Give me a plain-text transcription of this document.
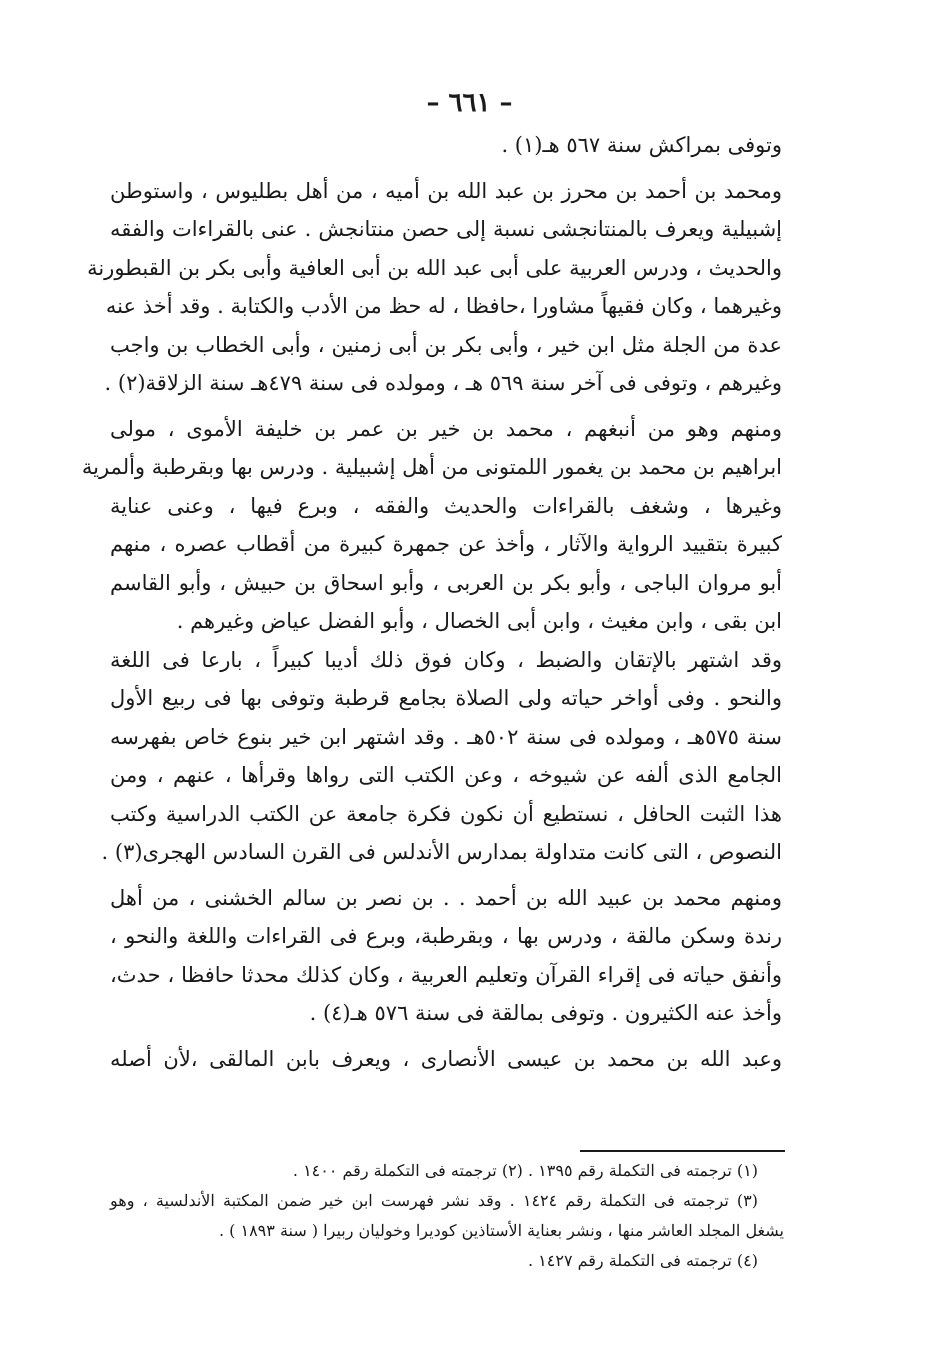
– ٦٦١ –
وتوفى بمراكش سنة ٥٦٧ هـ(١) .
ومحمد بن أحمد بن محرز بن عبد الله بن أميه ، من أهل بطليوس ، واستوطن
إشبيلية ويعرف بالمنتانجشى نسبة إلى حصن منتانجش . عنى بالقراءات والفقه
والحديث ، ودرس العربية على أبى عبد الله بن أبى العافية وأبى بكر بن القبطورنة
وغيرهما ، وكان فقيهاً مشاورا ،حافظا ، له حظ من الأدب والكتابة . وقد أخذ عنه
عدة من الجلة مثل ابن خير ، وأبى بكر بن أبى زمنين ، وأبى الخطاب بن واجب
وغيرهم ، وتوفى فى آخر سنة ٥٦٩ هـ ، ومولده فى سنة ٤٧٩هـ سنة الزلاقة(٢) .
ومنهم وهو من أنبغهم ، محمد بن خير بن عمر بن خليفة الأموى ، مولى
ابراهيم بن محمد بن يغمور اللمتونى من أهل إشبيلية . ودرس بها وبقرطبة وألمرية
وغيرها ، وشغف بالقراءات والحديث والفقه ، وبرع فيها ، وعنى عناية
كبيرة بتقييد الرواية والآثار ، وأخذ عن جمهرة كبيرة من أقطاب عصره ، منهم
أبو مروان الباجى ، وأبو بكر بن العربى ، وأبو اسحاق بن حبيش ، وأبو القاسم
ابن بقى ، وابن مغيث ، وابن أبى الخصال ، وأبو الفضل عياض وغيرهم .
وقد اشتهر بالإتقان والضبط ، وكان فوق ذلك أديبا كبيراً ، بارعا فى اللغة
والنحو . وفى أواخر حياته ولى الصلاة بجامع قرطبة وتوفى بها فى ربيع الأول
سنة ٥٧٥هـ ، ومولده فى سنة ٥٠٢هـ . وقد اشتهر ابن خير بنوع خاص بفهرسه
الجامع الذى ألفه عن شيوخه ، وعن الكتب التى رواها وقرأها ، عنهم ، ومن
هذا الثبت الحافل ، نستطيع أن نكون فكرة جامعة عن الكتب الدراسية وكتب
النصوص ، التى كانت متداولة بمدارس الأندلس فى القرن السادس الهجرى(٣) .
ومنهم محمد بن عبيد الله بن أحمد . . بن نصر بن سالم الخشنى ، من أهل
رندة وسكن مالقة ، ودرس بها ، وبقرطبة، وبرع فى القراءات واللغة والنحو ،
وأنفق حياته فى إقراء القرآن وتعليم العربية ، وكان كذلك محدثا حافظا ، حدث،
وأخذ عنه الكثيرون . وتوفى بمالقة فى سنة ٥٧٦ هـ(٤) .
وعبد الله بن محمد بن عيسى الأنصارى ، ويعرف بابن المالقى ،لأن أصله
(١) ترجمته فى التكملة رقم ١٣٩٥ . (٢) ترجمته فى التكملة رقم ١٤٠٠ .
(٣) ترجمته فى التكملة رقم ١٤٢٤ . وقد نشر فهرست ابن خير ضمن المكتبة الأندلسية ، وهو
يشغل المجلد العاشر منها ، ونشر بعناية الأستاذين كوديرا وخوليان ربيرا ( سنة ١٨٩٣ ) .
(٤) ترجمته فى التكملة رقم ١٤٢٧ .
